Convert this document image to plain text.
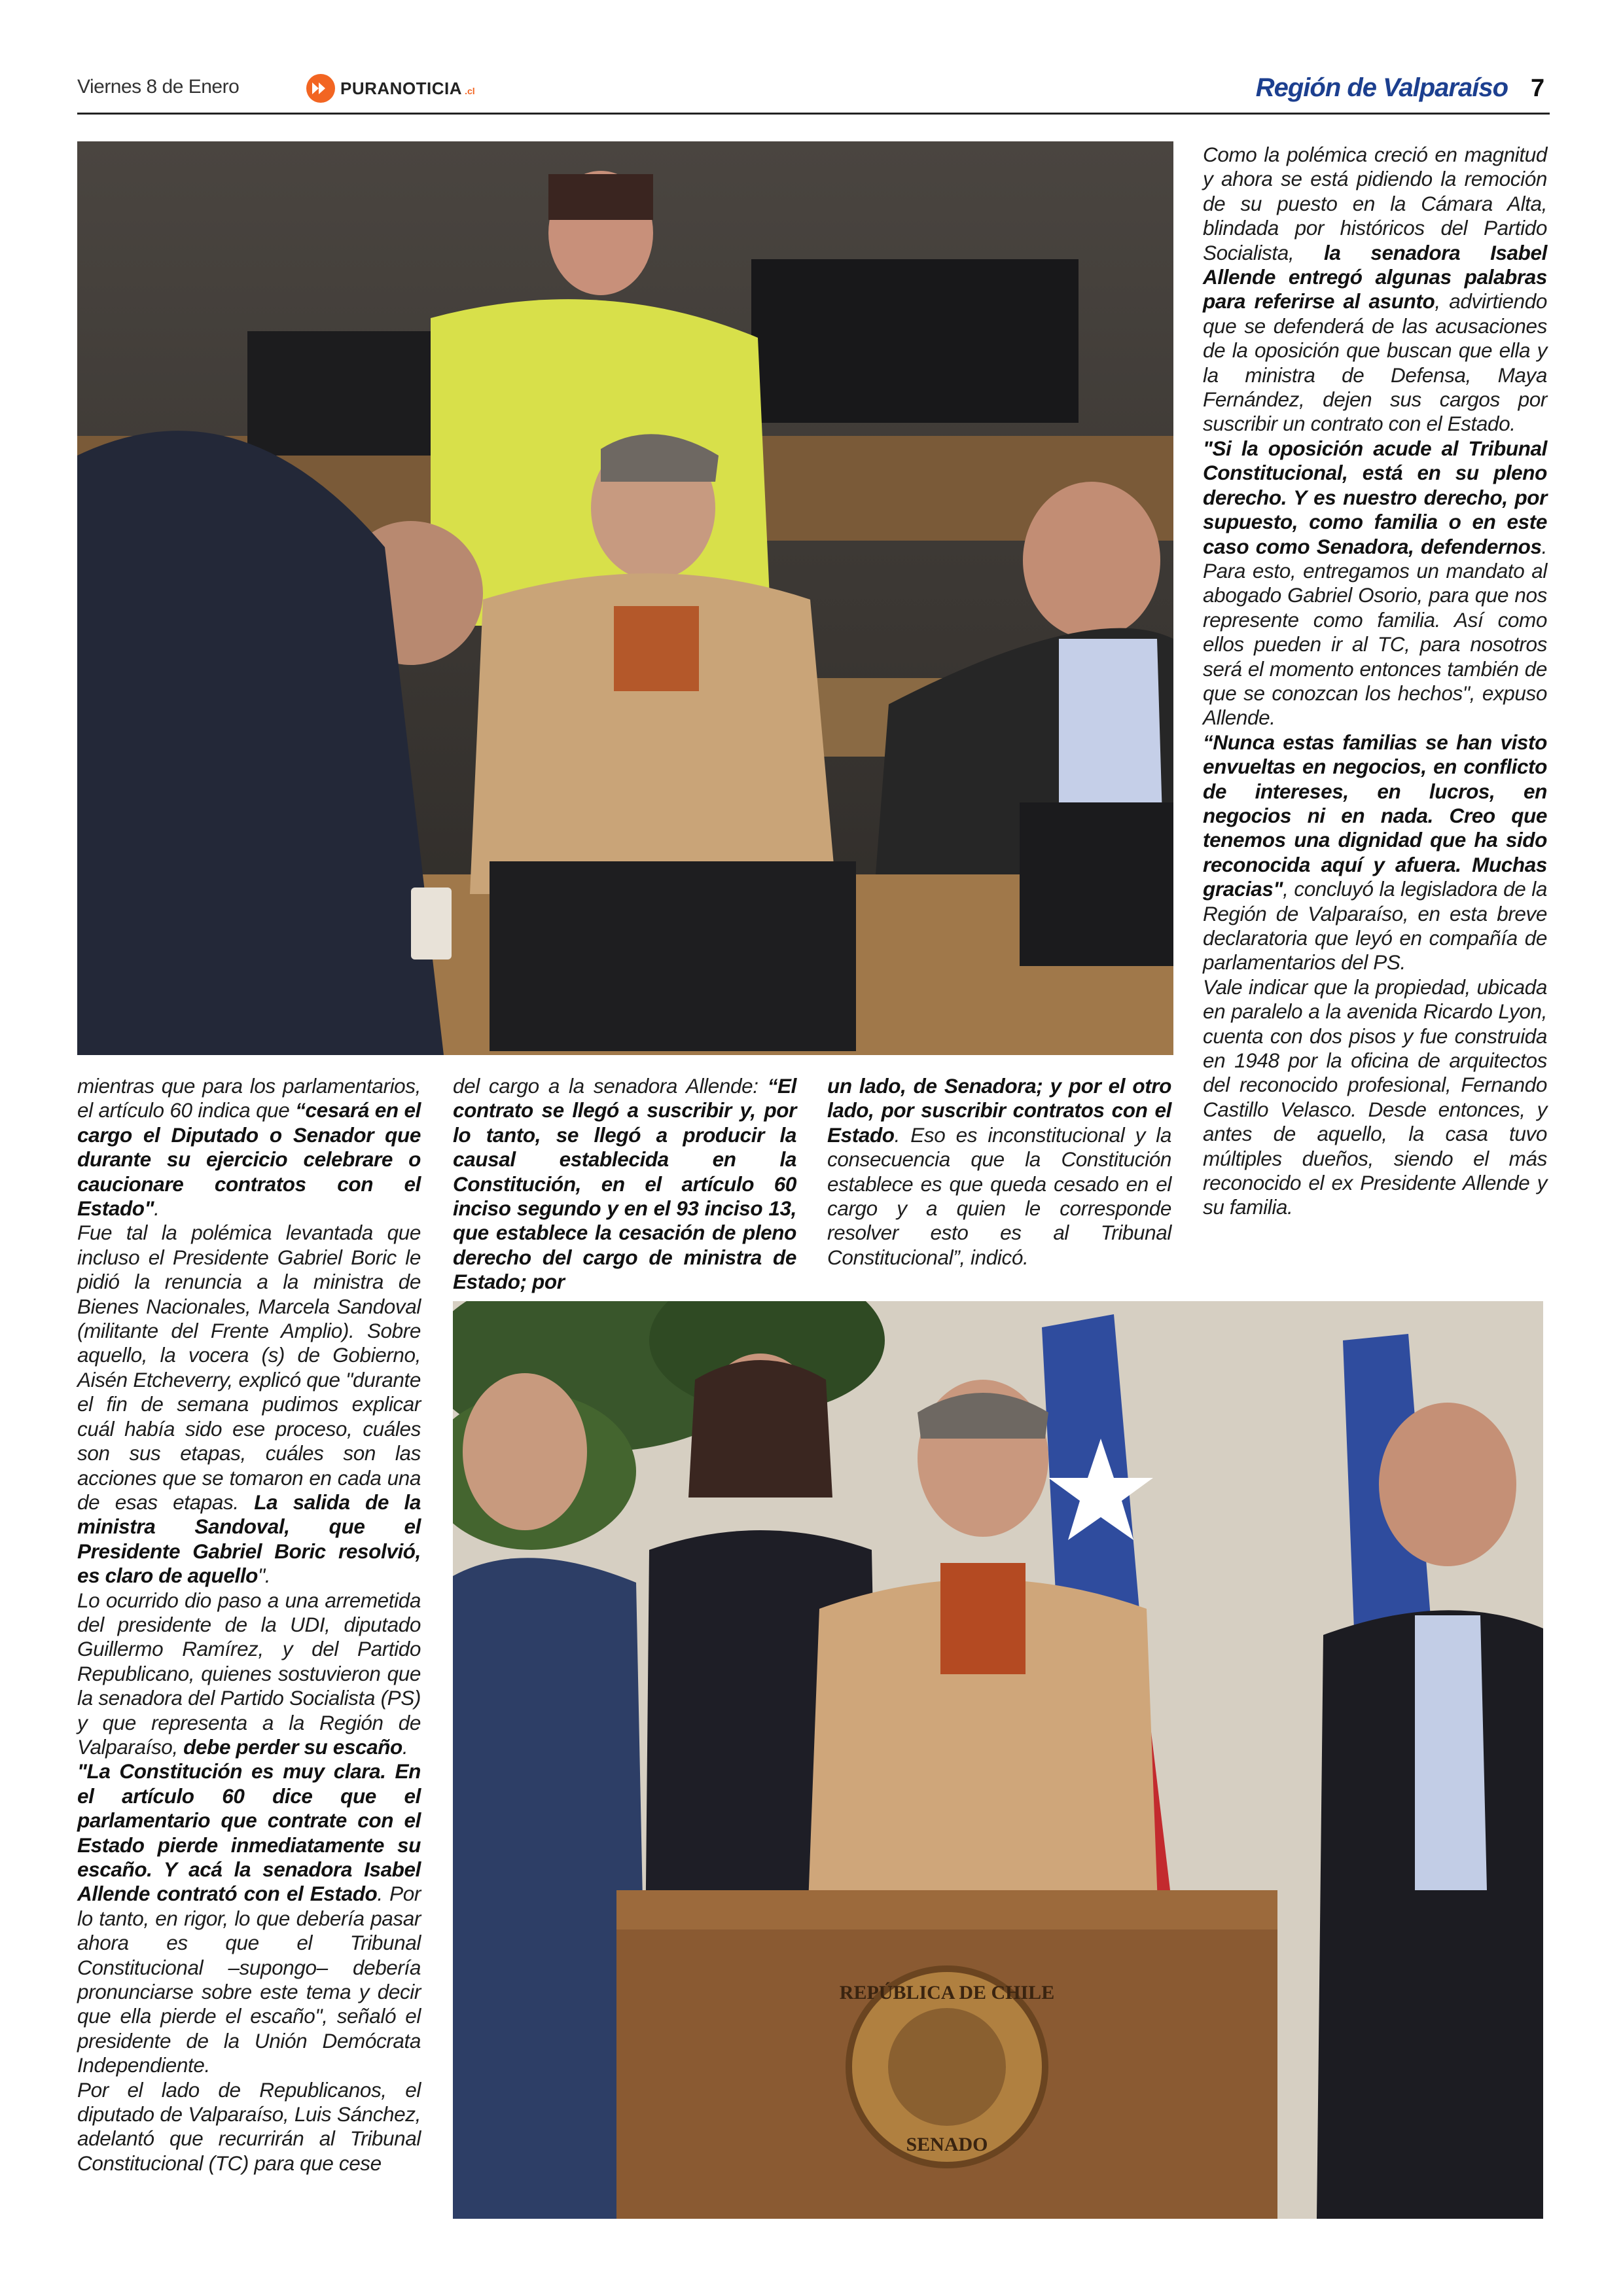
Viernes 8 de Enero	PURANOTICIA .cl	Región de Valparaíso 7

mientras que para los parlamentarios, el artículo 60 indica que “cesará en el cargo el Diputado o Senador que durante su ejercicio celebrare o caucionare contratos con el Estado".

Fue tal la polémica levantada que incluso el Presidente Gabriel Boric le pidió la renuncia a la ministra de Bienes Nacionales, Marcela Sandoval (militante del Frente Amplio). Sobre aquello, la vocera (s) de Gobierno, Aisén Etcheverry, explicó que "durante el fin de semana pudimos explicar cuál había sido ese proceso, cuáles son sus etapas, cuáles son las acciones que se tomaron en cada una de esas etapas. La salida de la ministra Sandoval, que el Presidente Gabriel Boric resolvió, es claro de aquello".

Lo ocurrido dio paso a una arremetida del presidente de la UDI, diputado Guillermo Ramírez, y del Partido Republicano, quienes sostuvieron que la senadora del Partido Socialista (PS) y que representa a la Región de Valparaíso, debe perder su escaño.

"La Constitución es muy clara. En el artículo 60 dice que el parlamentario que contrate con el Estado pierde inmediatamente su escaño. Y acá la senadora Isabel Allende contrató con el Estado. Por lo tanto, en rigor, lo que debería pasar ahora es que el Tribunal Constitucional –supongo– debería pronunciarse sobre este tema y decir que ella pierde el escaño", señaló el presidente de la Unión Demócrata Independiente.

Por el lado de Republicanos, el diputado de Valparaíso, Luis Sánchez, adelantó que recurrirán al Tribunal Constitucional (TC) para que cese

del cargo a la senadora Allende: “El contrato se llegó a suscribir y, por lo tanto, se llegó a producir la causal establecida en la Constitución, en el artículo 60 inciso segundo y en el 93 inciso 13, que establece la cesación de pleno derecho del cargo de ministra de Estado; por

un lado, de Senadora; y por el otro lado, por suscribir contratos con el Estado. Eso es inconstitucional y la consecuencia que la Constitución establece es que queda cesado en el cargo y a quien le corresponde resolver esto es al Tribunal Constitucional”, indicó.

Como la polémica creció en magnitud y ahora se está pidiendo la remoción de su puesto en la Cámara Alta, blindada por históricos del Partido Socialista, la senadora Isabel Allende entregó algunas palabras para referirse al asunto, advirtiendo que se defenderá de las acusaciones de la oposición que buscan que ella y la ministra de Defensa, Maya Fernández, dejen sus cargos por suscribir un contrato con el Estado.

"Si la oposición acude al Tribunal Constitucional, está en su pleno derecho. Y es nuestro derecho, por supuesto, como familia o en este caso como Senadora, defendernos. Para esto, entregamos un mandato al abogado Gabriel Osorio, para que nos represente como familia. Así como ellos pueden ir al TC, para nosotros será el momento entonces también de que se conozcan los hechos", expuso Allende.

“Nunca estas familias se han visto envueltas en negocios, en conflicto de intereses, en lucros, en negocios ni en nada. Creo que tenemos una dignidad que ha sido reconocida aquí y afuera. Muchas gracias", concluyó la legisladora de la Región de Valparaíso, en esta breve declaratoria que leyó en compañía de parlamentarios del PS.

Vale indicar que la propiedad, ubicada en paralelo a la avenida Ricardo Lyon, cuenta con dos pisos y fue construida en 1948 por la oficina de arquitectos del reconocido profesional, Fernando Castillo Velasco. Desde entonces, y antes de aquello, la casa tuvo múltiples dueños, siendo el más reconocido el ex Presidente Allende y su familia.

REPÚBLICA DE CHILE
SENADO
